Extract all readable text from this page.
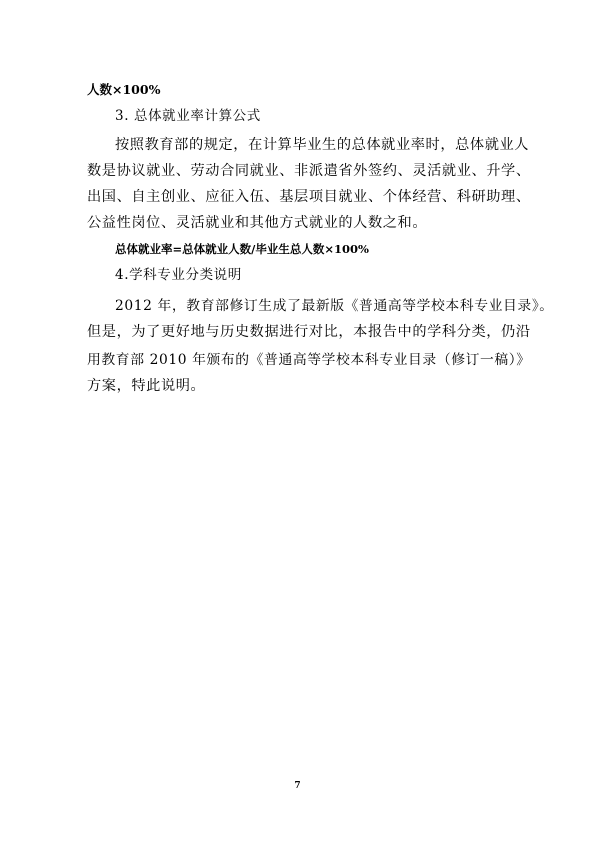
人数×100%
3. 总体就业率计算公式
按照教育部的规定，在计算毕业生的总体就业率时，总体就业人
数是协议就业、劳动合同就业、非派遣省外签约、灵活就业、升学、
出国、自主创业、应征入伍、基层项目就业、个体经营、科研助理、
公益性岗位、灵活就业和其他方式就业的人数之和。
总体就业率=总体就业人数/毕业生总人数×100%
4.学科专业分类说明
2012 年，教育部修订生成了最新版《普通高等学校本科专业目录》。
但是，为了更好地与历史数据进行对比，本报告中的学科分类，仍沿
用教育部 2010 年颁布的《普通高等学校本科专业目录（修订一稿）》
方案，特此说明。
7
